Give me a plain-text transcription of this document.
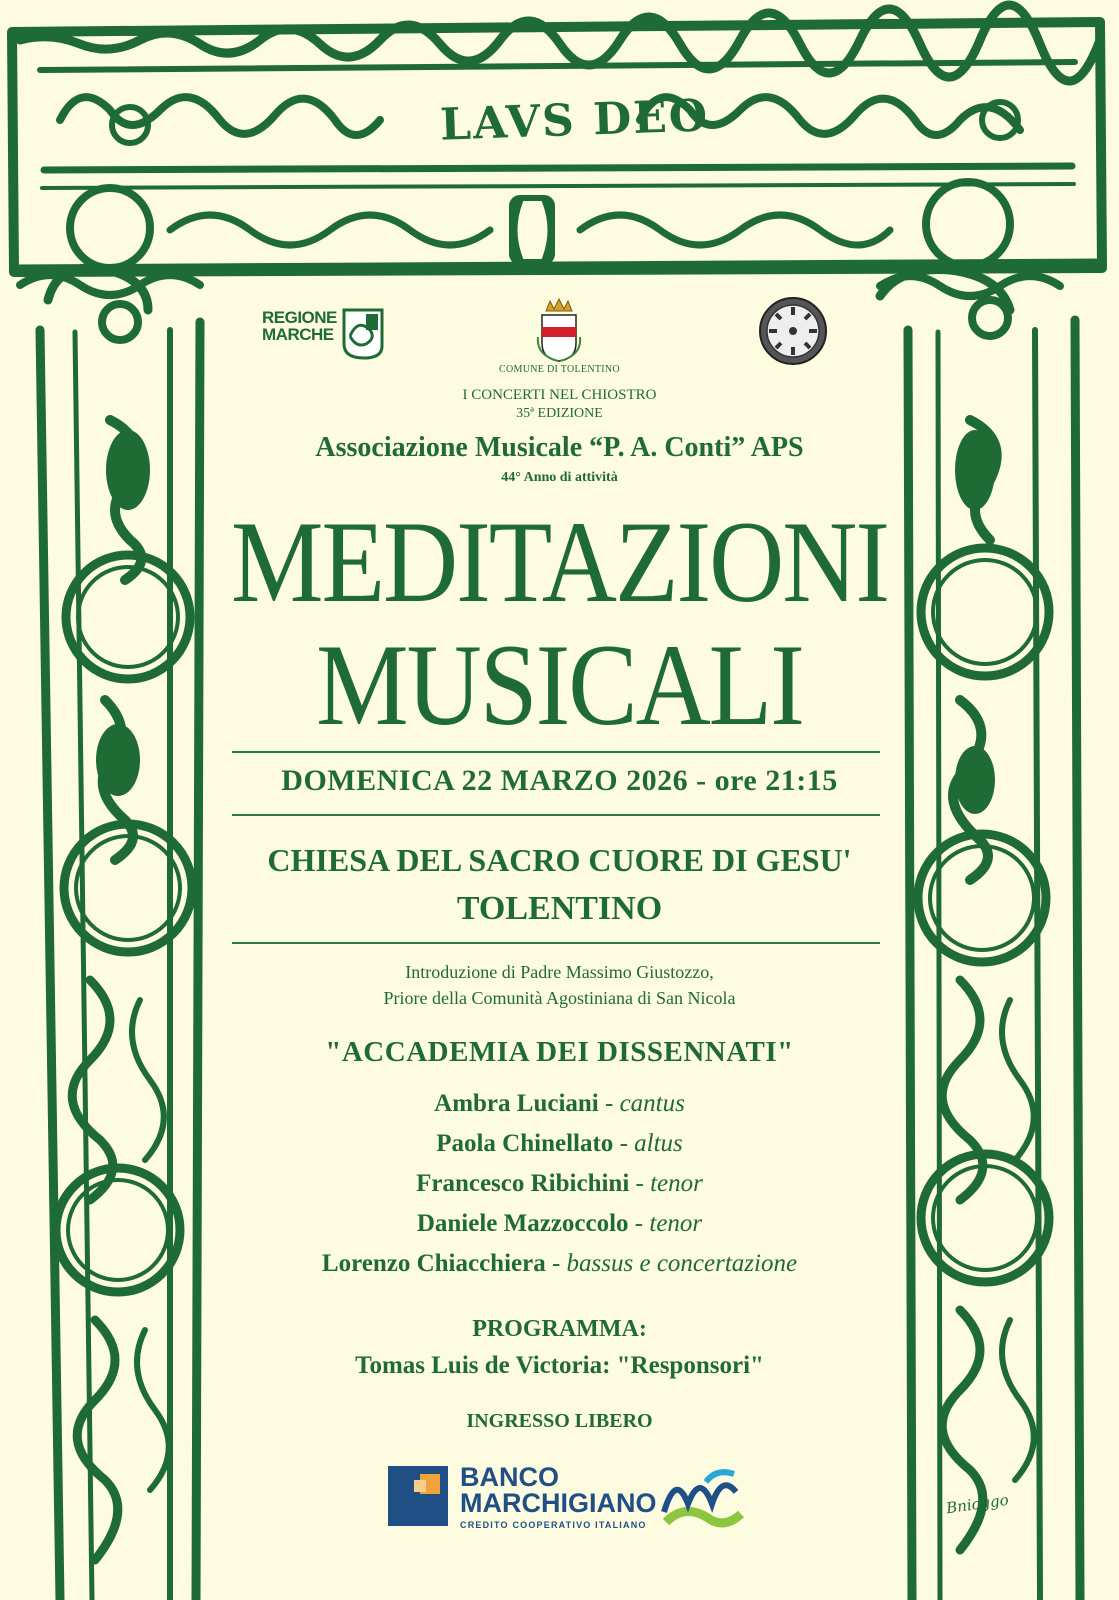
LAVS DEO
Bnioggo
REGIONE
MARCHE
COMUNE DI TOLENTINO
I CONCERTI NEL CHIOSTRO
35ª EDIZIONE
Associazione Musicale “P. A. Conti” APS
44° Anno di attività
MEDITAZIONI
MUSICALI
DOMENICA 22 MARZO 2026 - ore 21:15
CHIESA DEL SACRO CUORE DI GESU'
TOLENTINO
Introduzione di Padre Massimo Giustozzo,
Priore della Comunità Agostiniana di San Nicola
"ACCADEMIA DEI DISSENNATI"
Ambra Luciani - cantus
Paola Chinellato - altus
Francesco Ribichini - tenor
Daniele Mazzoccolo - tenor
Lorenzo Chiacchiera - bassus e concertazione
PROGRAMMA:
Tomas Luis de Victoria: "Responsori"
INGRESSO LIBERO
BANCO
MARCHIGIANO
CREDITO COOPERATIVO ITALIANO
